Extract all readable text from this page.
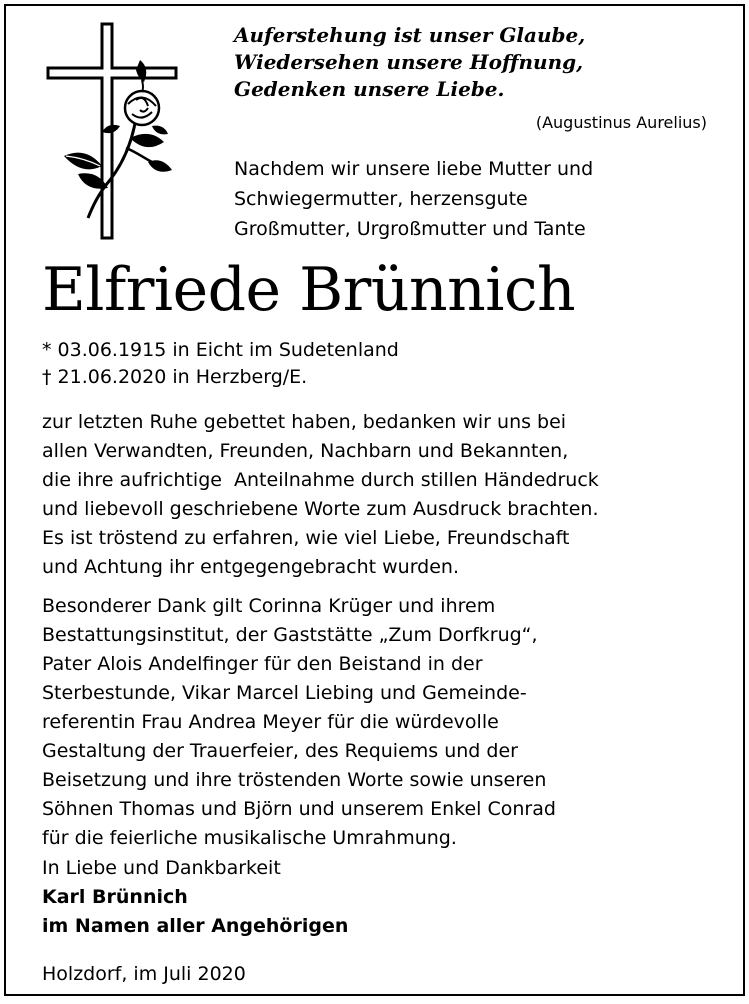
Auferstehung ist unser Glaube,
Wiedersehen unsere Hoffnung,
Gedenken unsere Liebe.
(Augustinus Aurelius)
Nachdem wir unsere liebe Mutter und
Schwiegermutter, herzensgute
Großmutter, Urgroßmutter und Tante
Elfriede Brünnich
* 03.06.1915 in Eicht im Sudetenland
† 21.06.2020 in Herzberg/E.
zur letzten Ruhe gebettet haben, bedanken wir uns bei
allen Verwandten, Freunden, Nachbarn und Bekannten,
die ihre aufrichtige  Anteilnahme durch stillen Händedruck
und liebevoll geschriebene Worte zum Ausdruck brachten.
Es ist tröstend zu erfahren, wie viel Liebe, Freundschaft
und Achtung ihr entgegengebracht wurden.
Besonderer Dank gilt Corinna Krüger und ihrem
Bestattungsinstitut, der Gaststätte „Zum Dorfkrug“,
Pater Alois Andelfinger für den Beistand in der
Sterbestunde, Vikar Marcel Liebing und Gemeinde-
referentin Frau Andrea Meyer für die würdevolle
Gestaltung der Trauerfeier, des Requiems und der
Beisetzung und ihre tröstenden Worte sowie unseren
Söhnen Thomas und Björn und unserem Enkel Conrad
für die feierliche musikalische Umrahmung.
In Liebe und Dankbarkeit
Karl Brünnich
im Namen aller Angehörigen
Holzdorf, im Juli 2020
